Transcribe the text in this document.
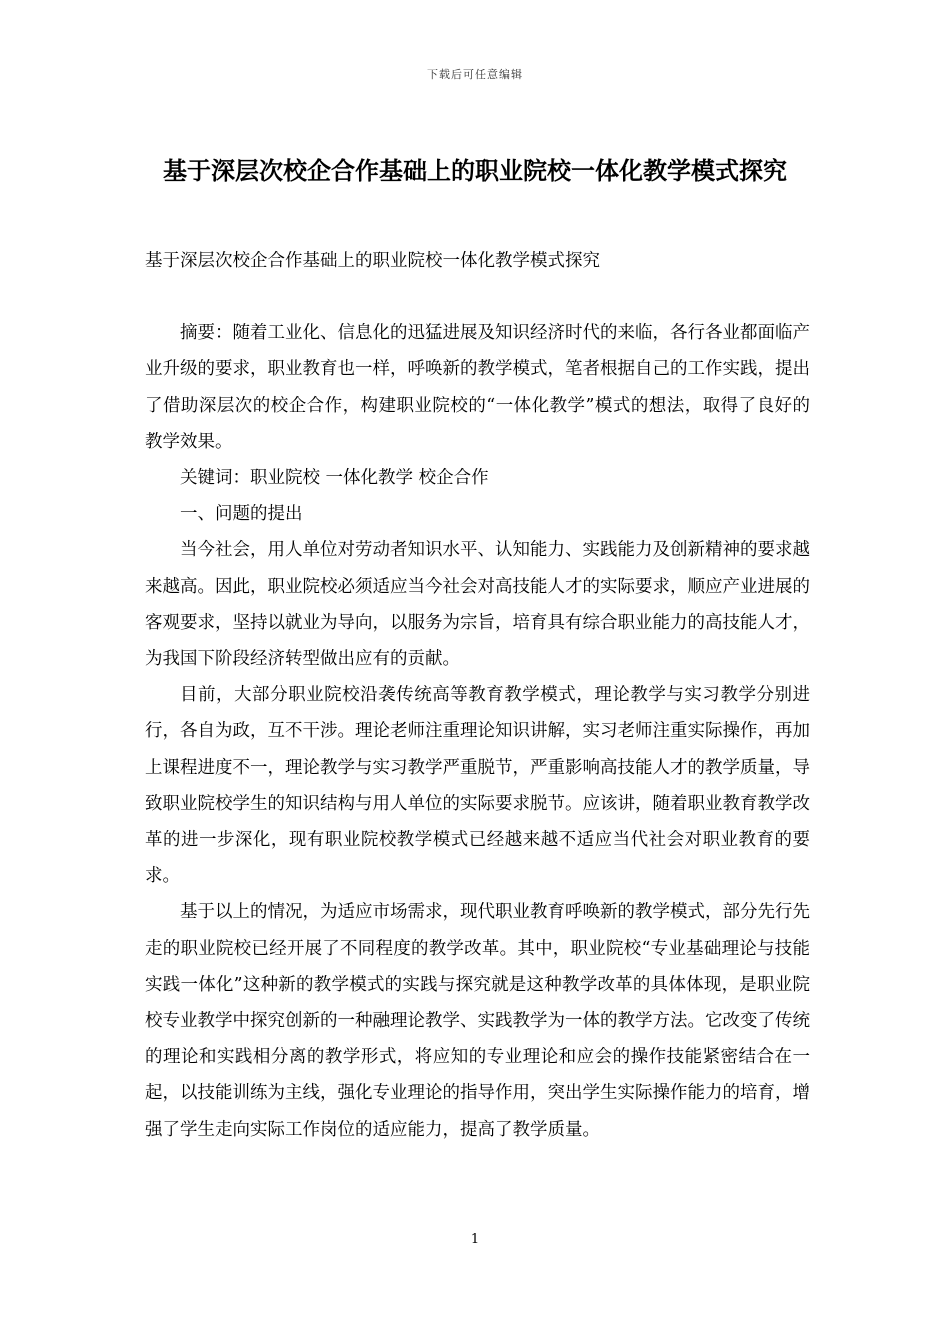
下载后可任意编辑
基于深层次校企合作基础上的职业院校一体化教学模式探究

基于深层次校企合作基础上的职业院校一体化教学模式探究

摘要：随着工业化、信息化的迅猛进展及知识经济时代的来临，各行各业都面临产业升级的要求，职业教育也一样，呼唤新的教学模式，笔者根据自己的工作实践，提出了借助深层次的校企合作，构建职业院校的“一体化教学”模式的想法，取得了良好的教学效果。

关键词：职业院校 一体化教学 校企合作

一、问题的提出

当今社会，用人单位对劳动者知识水平、认知能力、实践能力及创新精神的要求越来越高。因此，职业院校必须适应当今社会对高技能人才的实际要求，顺应产业进展的客观要求，坚持以就业为导向，以服务为宗旨，培育具有综合职业能力的高技能人才，为我国下阶段经济转型做出应有的贡献。

目前，大部分职业院校沿袭传统高等教育教学模式，理论教学与实习教学分别进行，各自为政，互不干涉。理论老师注重理论知识讲解，实习老师注重实际操作，再加上课程进度不一，理论教学与实习教学严重脱节，严重影响高技能人才的教学质量，导致职业院校学生的知识结构与用人单位的实际要求脱节。应该讲，随着职业教育教学改革的进一步深化，现有职业院校教学模式已经越来越不适应当代社会对职业教育的要求。

基于以上的情况，为适应市场需求，现代职业教育呼唤新的教学模式，部分先行先走的职业院校已经开展了不同程度的教学改革。其中，职业院校“专业基础理论与技能实践一体化”这种新的教学模式的实践与探究就是这种教学改革的具体体现，是职业院校专业教学中探究创新的一种融理论教学、实践教学为一体的教学方法。它改变了传统的理论和实践相分离的教学形式，将应知的专业理论和应会的操作技能紧密结合在一起，以技能训练为主线，强化专业理论的指导作用，突出学生实际操作能力的培育，增强了学生走向实际工作岗位的适应能力，提高了教学质量。

1
